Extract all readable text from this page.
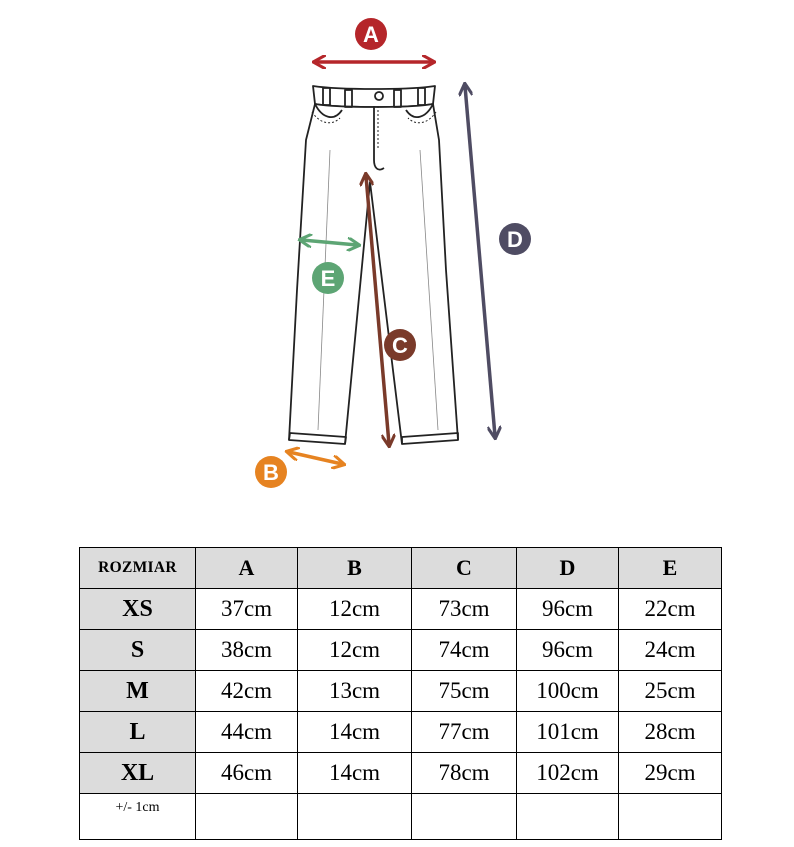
A
D
C
E
B
ROZMIAR	A	B	C	D	E
XS	37cm	12cm	73cm	96cm	22cm
S	38cm	12cm	74cm	96cm	24cm
M	42cm	13cm	75cm	100cm	25cm
L	44cm	14cm	77cm	101cm	28cm
XL	46cm	14cm	78cm	102cm	29cm
+/- 1cm					
